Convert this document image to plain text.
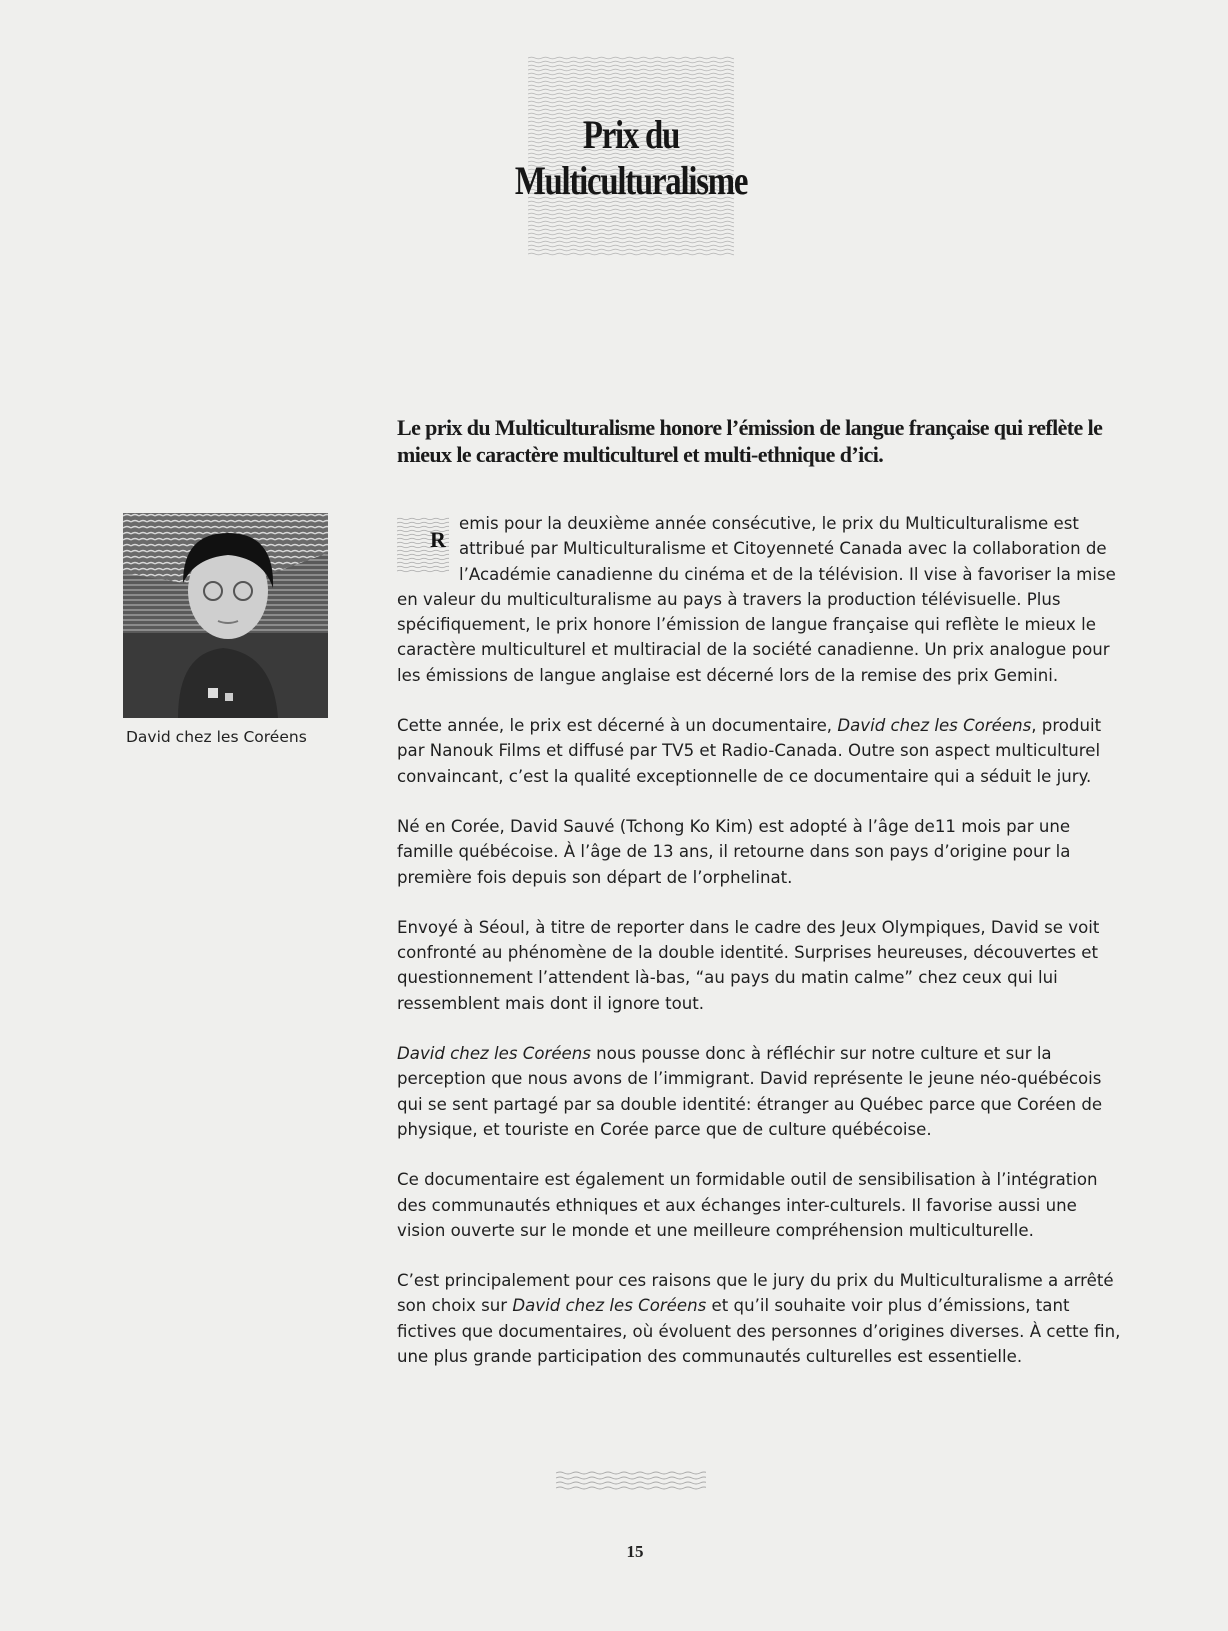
Prix du
Multiculturalisme
Le prix du Multiculturalisme honore l’émission de langue française qui reflète le mieux le caractère multiculturel et multi-ethnique d’ici.
David chez les Coréens

R
emis pour la deuxième année consécutive, le prix du Multiculturalisme est attribué par Multiculturalisme et Citoyenneté Canada avec la collaboration de l’Académie canadienne du cinéma et de la télévision. Il vise à favoriser la mise en valeur du multiculturalisme au pays à travers la production télévisuelle. Plus spécifiquement, le prix honore l’émission de langue française qui reflète le mieux le caractère multiculturel et multiracial de la société canadienne. Un prix analogue pour les émissions de langue anglaise est décerné lors de la remise des prix Gemini.

Cette année, le prix est décerné à un documentaire, David chez les Coréens, produit par Nanouk Films et diffusé par TV5 et Radio-Canada. Outre son aspect multiculturel convaincant, c’est la qualité exceptionnelle de ce documentaire qui a séduit le jury.

Né en Corée, David Sauvé (Tchong Ko Kim) est adopté à l’âge de11 mois par une famille québécoise. À l’âge de 13 ans, il retourne dans son pays d’origine pour la première fois depuis son départ de l’orphelinat.

Envoyé à Séoul, à titre de reporter dans le cadre des Jeux Olympiques, David se voit confronté au phénomène de la double identité. Surprises heureuses, découvertes et questionnement l’attendent là-bas, “au pays du matin calme” chez ceux qui lui ressemblent mais dont il ignore tout.

David chez les Coréens nous pousse donc à réfléchir sur notre culture et sur la perception que nous avons de l’immigrant. David représente le jeune néo-québécois qui se sent partagé par sa double identité: étranger au Québec parce que Coréen de physique, et touriste en Corée parce que de culture québécoise.

Ce documentaire est également un formidable outil de sensibilisation à l’intégration des communautés ethniques et aux échanges inter-culturels. Il favorise aussi une vision ouverte sur le monde et une meilleure compréhension multiculturelle.

C’est principalement pour ces raisons que le jury du prix du Multiculturalisme a arrêté son choix sur David chez les Coréens et qu’il souhaite voir plus d’émissions, tant fictives que documentaires, où évoluent des personnes d’origines diverses. À cette fin, une plus grande participation des communautés culturelles est essentielle.

15
